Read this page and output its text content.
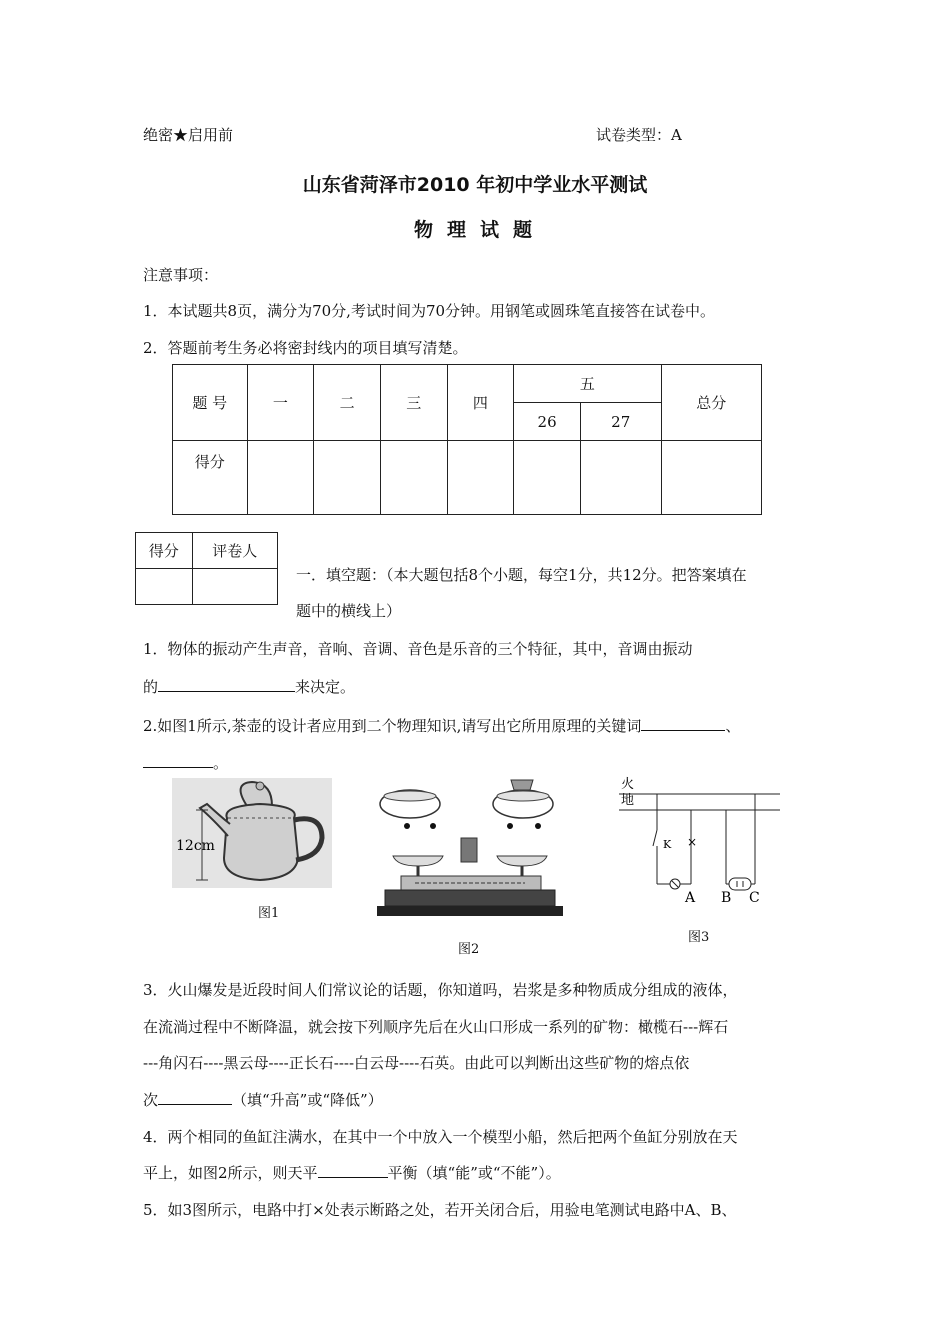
绝密★启用前	试卷类型：A
山东省菏泽市2010 年初中学业水平测试
物理试题
注意事项：
1．本试题共8页，满分为70分,考试时间为70分钟。用钢笔或圆珠笔直接答在试卷中。
2．答题前考生务必将密封线内的项目填写清楚。
题 号	一	二	三	四	五		总分
					26	27	
得分							
得分	评卷人

一．填空题：（本大题包括8个小题，每空1分，共12分。把答案填在
题中的横线上）
1．物体的振动产生声音，音响、音调、音色是乐音的三个特征，其中，音调由振动
的	来决定。
2.如图1所示,茶壶的设计者应用到二个物理知识,请写出它所用原理的关键词	、
。
12cm
图1
图2
火
地
K ×
A B C
图3
3．火山爆发是近段时间人们常议论的话题，你知道吗，岩浆是多种物质成分组成的液体，
在流淌过程中不断降温，就会按下列顺序先后在火山口形成一系列的矿物：橄榄石---辉石
---角闪石----黑云母----正长石----白云母----石英。由此可以判断出这些矿物的熔点依
次	（填“升高”或“降低”）
4．两个相同的鱼缸注满水，在其中一个中放入一个模型小船，然后把两个鱼缸分别放在天
平上，如图2所示，则天平	平衡（填“能”或“不能”）。
5．如3图所示，电路中打×处表示断路之处，若开关闭合后，用验电笔测试电路中A、B、
